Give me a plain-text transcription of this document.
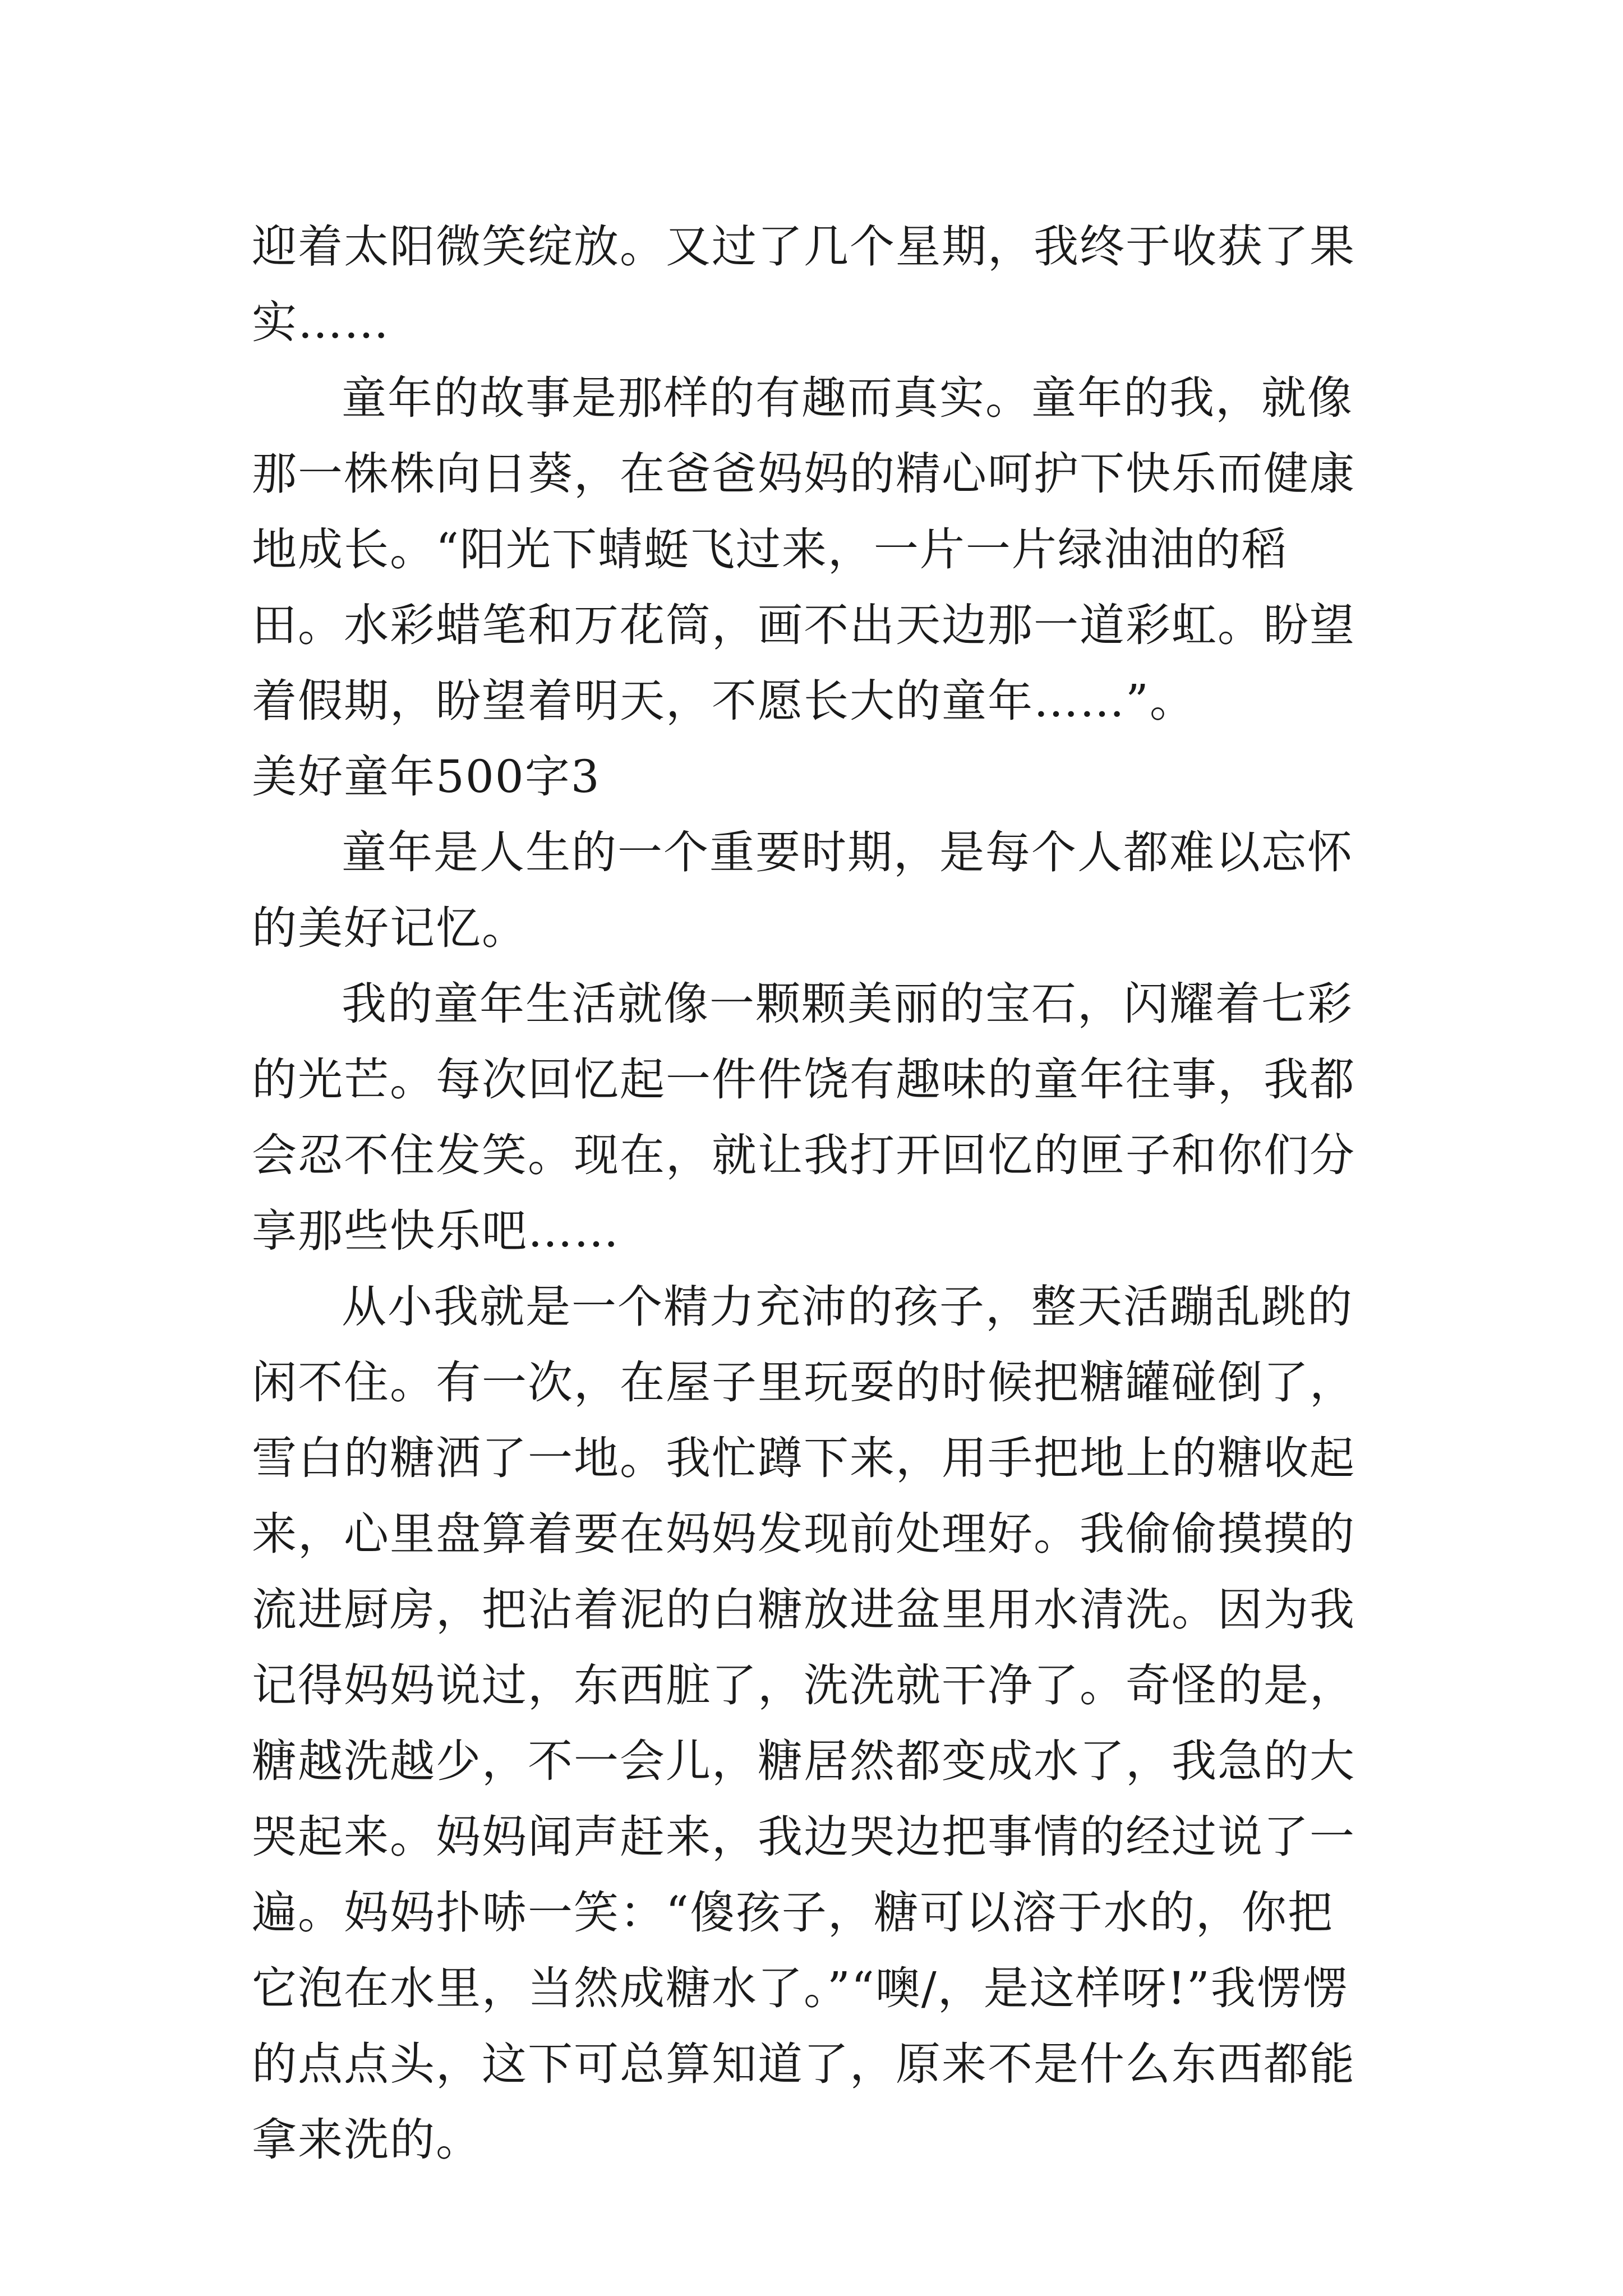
迎着太阳微笑绽放。又过了几个星期，我终于收获了果实……

童年的故事是那样的有趣而真实。童年的我，就像那一株株向日葵，在爸爸妈妈的精心呵护下快乐而健康地成长。“阳光下蜻蜓飞过来，一片一片绿油油的稻田。水彩蜡笔和万花筒，画不出天边那一道彩虹。盼望着假期，盼望着明天，不愿长大的童年……”。

美好童年500字3

童年是人生的一个重要时期，是每个人都难以忘怀的美好记忆。

我的童年生活就像一颗颗美丽的宝石，闪耀着七彩的光芒。每次回忆起一件件饶有趣味的童年往事，我都会忍不住发笑。现在，就让我打开回忆的匣子和你们分享那些快乐吧……

从小我就是一个精力充沛的孩子，整天活蹦乱跳的闲不住。有一次，在屋子里玩耍的时候把糖罐碰倒了，雪白的糖洒了一地。我忙蹲下来，用手把地上的糖收起来，心里盘算着要在妈妈发现前处理好。我偷偷摸摸的流进厨房，把沾着泥的白糖放进盆里用水清洗。因为我记得妈妈说过，东西脏了，洗洗就干净了。奇怪的是，糖越洗越少，不一会儿，糖居然都变成水了，我急的大哭起来。妈妈闻声赶来，我边哭边把事情的经过说了一遍。妈妈扑哧一笑：“傻孩子，糖可以溶于水的，你把它泡在水里，当然成糖水了。”“噢/，是这样呀!”我愣愣的点点头，这下可总算知道了，原来不是什么东西都能拿来洗的。
